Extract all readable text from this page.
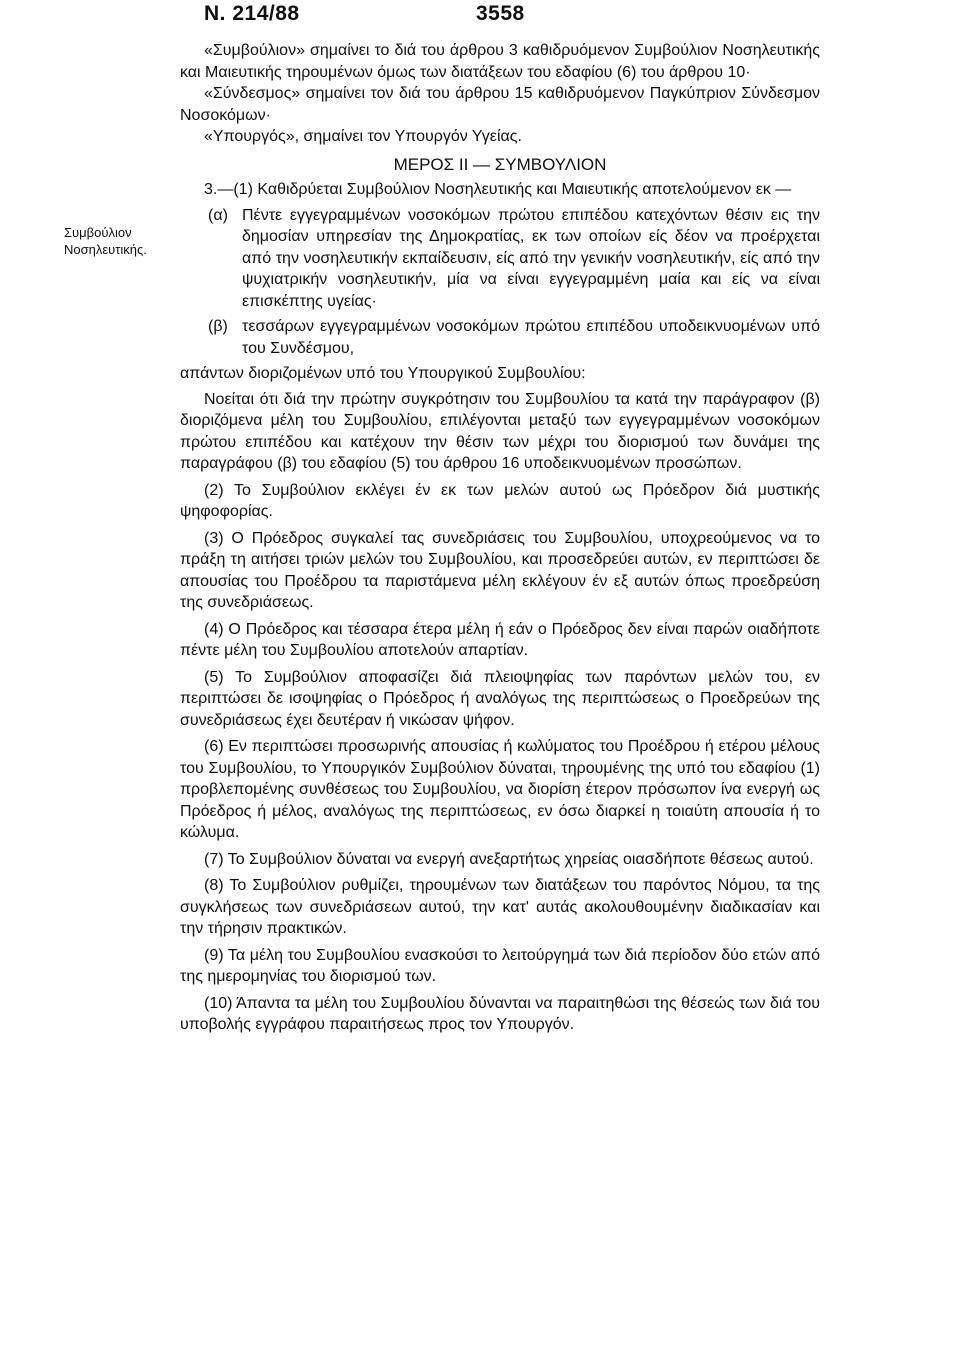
Ν. 214/88	3558
Συμβούλιον
Νοσηλευτικής.

«Συμβούλιον» σημαίνει το διά του άρθρου 3 καθιδρυόμενον Συμβούλιον Νοσηλευτικής και Μαιευτικής τηρουμένων όμως των διατάξεων του εδαφίου (6) του άρθρου 10·

«Σύνδεσμος» σημαίνει τον διά του άρθρου 15 καθιδρυόμενον Παγκύπριον Σύνδεσμον Νοσοκόμων·

«Υπουργός», σημαίνει τον Υπουργόν Υγείας.

ΜΕΡΟΣ ΙΙ — ΣΥΜΒΟΥΛΙΟΝ

3.—(1) Καθιδρύεται Συμβούλιον Νοσηλευτικής και Μαιευτικής αποτελούμενον εκ —

(α) Πέντε εγγεγραμμένων νοσοκόμων πρώτου επιπέδου κατεχόντων θέσιν εις την δημοσίαν υπηρεσίαν της Δημοκρατίας, εκ των οποίων είς δέον να προέρχεται από την νοσηλευτικήν εκπαίδευσιν, είς από την γενικήν νοσηλευτικήν, είς από την ψυχιατρικήν νοσηλευτικήν, μία να είναι εγγεγραμμένη μαία και είς να είναι επισκέπτης υγείας·
(β) τεσσάρων εγγεγραμμένων νοσοκόμων πρώτου επιπέδου υποδεικνυομένων υπό του Συνδέσμου,

απάντων διοριζομένων υπό του Υπουργικού Συμβουλίου:

Νοείται ότι διά την πρώτην συγκρότησιν του Συμβουλίου τα κατά την παράγραφον (β) διοριζόμενα μέλη του Συμβουλίου, επιλέγονται μεταξύ των εγγεγραμμένων νοσοκόμων πρώτου επιπέδου και κατέχουν την θέσιν των μέχρι του διορισμού των δυνάμει της παραγράφου (β) του εδαφίου (5) του άρθρου 16 υποδεικνυομένων προσώπων.

(2) Το Συμβούλιον εκλέγει έν εκ των μελών αυτού ως Πρόεδρον διά μυστικής ψηφοφορίας.

(3) Ο Πρόεδρος συγκαλεί τας συνεδριάσεις του Συμβουλίου, υποχρεούμενος να το πράξη τη αιτήσει τριών μελών του Συμβουλίου, και προσεδρεύει αυτών, εν περιπτώσει δε απουσίας του Προέδρου τα παριστάμενα μέλη εκλέγουν έν εξ αυτών όπως προεδρεύση της συνεδριάσεως.

(4) Ο Πρόεδρος και τέσσαρα έτερα μέλη ή εάν ο Πρόεδρος δεν είναι παρών οιαδήποτε πέντε μέλη του Συμβουλίου αποτελούν απαρτίαν.

(5) Το Συμβούλιον αποφασίζει διά πλειοψηφίας των παρόντων μελών του, εν περιπτώσει δε ισοψηφίας ο Πρόεδρος ή αναλόγως της περιπτώσεως ο Προεδρεύων της συνεδριάσεως έχει δευτέραν ή νικώσαν ψήφον.

(6) Εν περιπτώσει προσωρινής απουσίας ή κωλύματος του Προέδρου ή ετέρου μέλους του Συμβουλίου, το Υπουργικόν Συμβούλιον δύναται, τηρουμένης της υπό του εδαφίου (1) προβλεπομένης συνθέσεως του Συμβουλίου, να διορίση έτερον πρόσωπον ίνα ενεργή ως Πρόεδρος ή μέλος, αναλόγως της περιπτώσεως, εν όσω διαρκεί η τοιαύτη απουσία ή το κώλυμα.

(7) Το Συμβούλιον δύναται να ενεργή ανεξαρτήτως χηρείας οιασδήποτε θέσεως αυτού.

(8) Το Συμβούλιον ρυθμίζει, τηρουμένων των διατάξεων του παρόντος Νόμου, τα της συγκλήσεως των συνεδριάσεων αυτού, την κατ' αυτάς ακολουθουμένην διαδικασίαν και την τήρησιν πρακτικών.

(9) Τα μέλη του Συμβουλίου ενασκούσι το λειτούργημά των διά περίοδον δύο ετών από της ημερομηνίας του διορισμού των.

(10) Άπαντα τα μέλη του Συμβουλίου δύνανται να παραιτηθώσι της θέσεώς των διά του υποβολής εγγράφου παραιτήσεως προς τον Υπουργόν.
